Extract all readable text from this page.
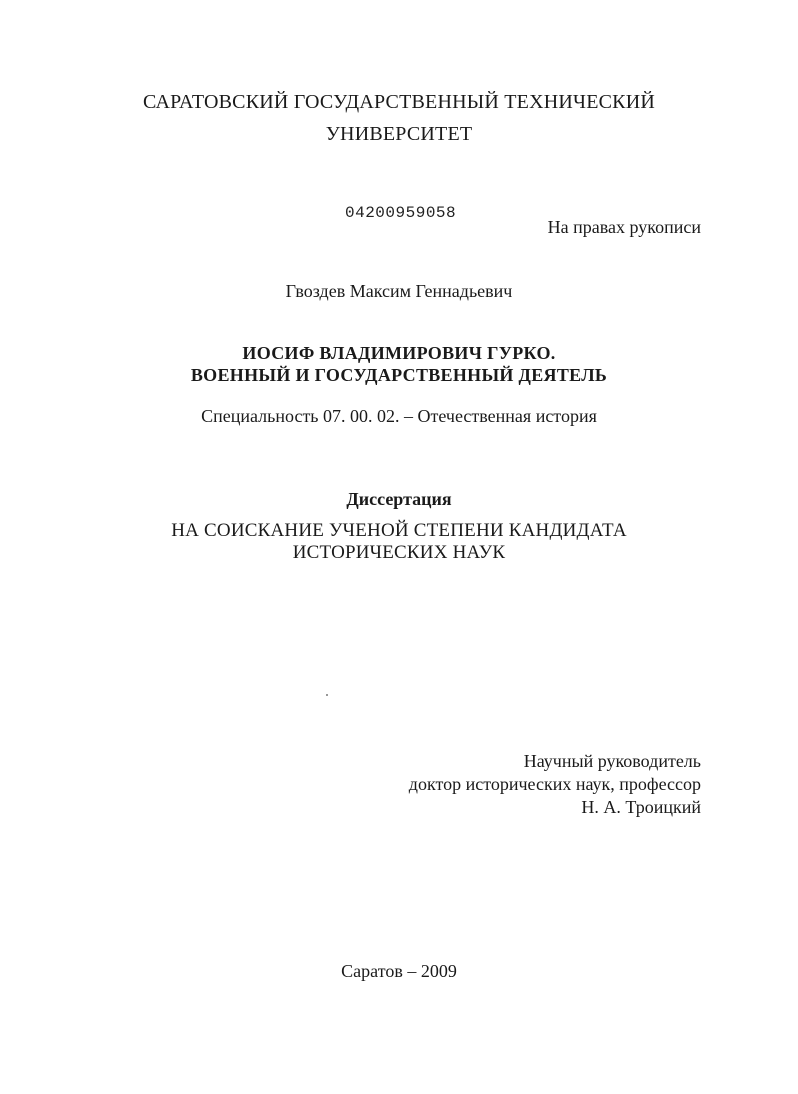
САРАТОВСКИЙ ГОСУДАРСТВЕННЫЙ ТЕХНИЧЕСКИЙ
УНИВЕРСИТЕТ
04200959058
На правах рукописи
Гвоздев Максим Геннадьевич
ИОСИФ ВЛАДИМИРОВИЧ ГУРКО.
ВОЕННЫЙ И ГОСУДАРСТВЕННЫЙ ДЕЯТЕЛЬ
Специальность 07. 00. 02. – Отечественная история
Диссертация
НА СОИСКАНИЕ УЧЕНОЙ СТЕПЕНИ КАНДИДАТА
ИСТОРИЧЕСКИХ НАУК
Научный руководитель
доктор исторических наук, профессор
Н. А. Троицкий
Саратов – 2009
